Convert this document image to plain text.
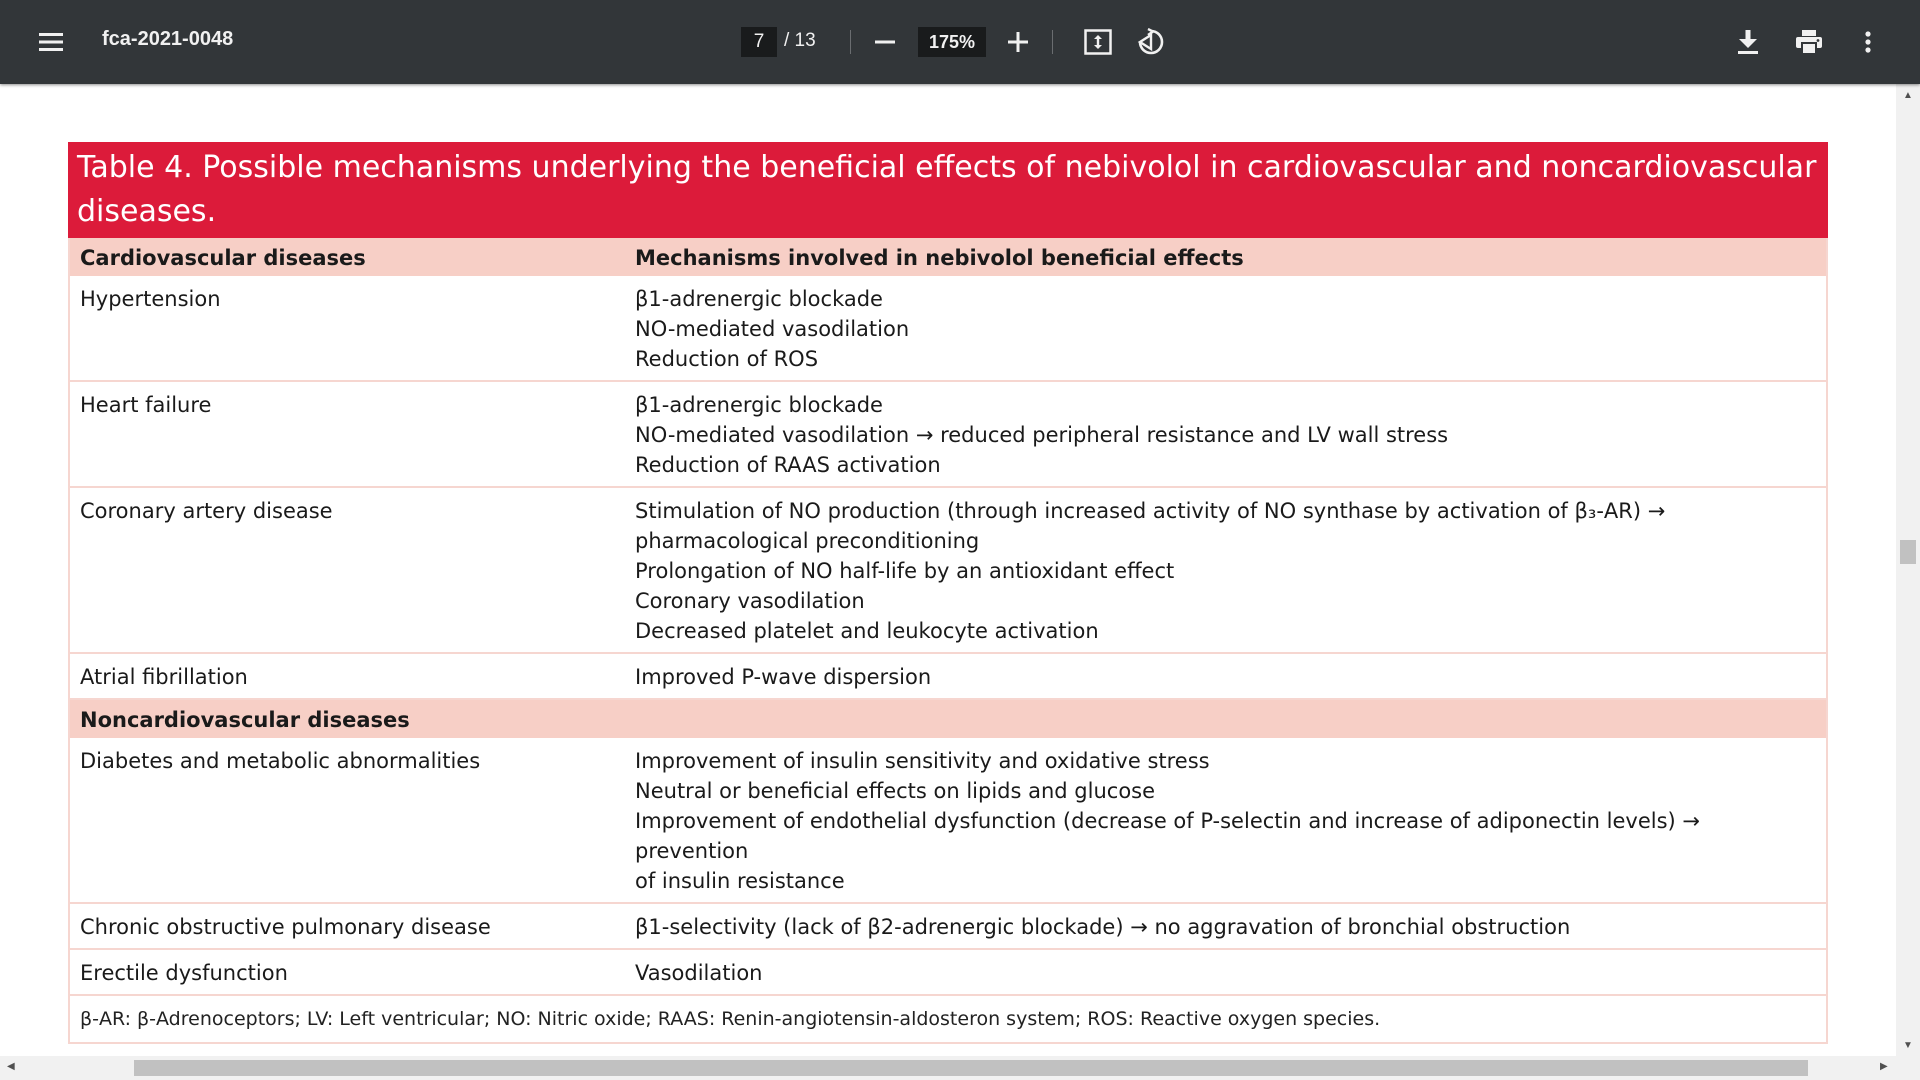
fca-2021-0048	7	/ 13	175%
Table 4. Possible mechanisms underlying the beneficial effects of nebivolol in cardiovascular and noncardiovascular diseases.
Cardiovascular diseases	Mechanisms involved in nebivolol beneficial effects
Hypertension	β1-adrenergic blockade
NO-mediated vasodilation
Reduction of ROS

Heart failure	β1-adrenergic blockade
NO-mediated vasodilation → reduced peripheral resistance and LV wall stress
Reduction of RAAS activation

Coronary artery disease	Stimulation of NO production (through increased activity of NO synthase by activation of β₃-AR) →
pharmacological preconditioning
Prolongation of NO half-life by an antioxidant effect
Coronary vasodilation
Decreased platelet and leukocyte activation

Atrial fibrillation	Improved P-wave dispersion

Noncardiovascular diseases	
Diabetes and metabolic abnormalities	Improvement of insulin sensitivity and oxidative stress
Neutral or beneficial effects on lipids and glucose
Improvement of endothelial dysfunction (decrease of P-selectin and increase of adiponectin levels) → prevention
of insulin resistance

Chronic obstructive pulmonary disease	β1-selectivity (lack of β2-adrenergic blockade) → no aggravation of bronchial obstruction

Erectile dysfunction	Vasodilation

β-AR: β-Adrenoceptors; LV: Left ventricular; NO: Nitric oxide; RAAS: Renin-angiotensin-aldosteron system; ROS: Reactive oxygen species.	
▲
▼
◀	▶
